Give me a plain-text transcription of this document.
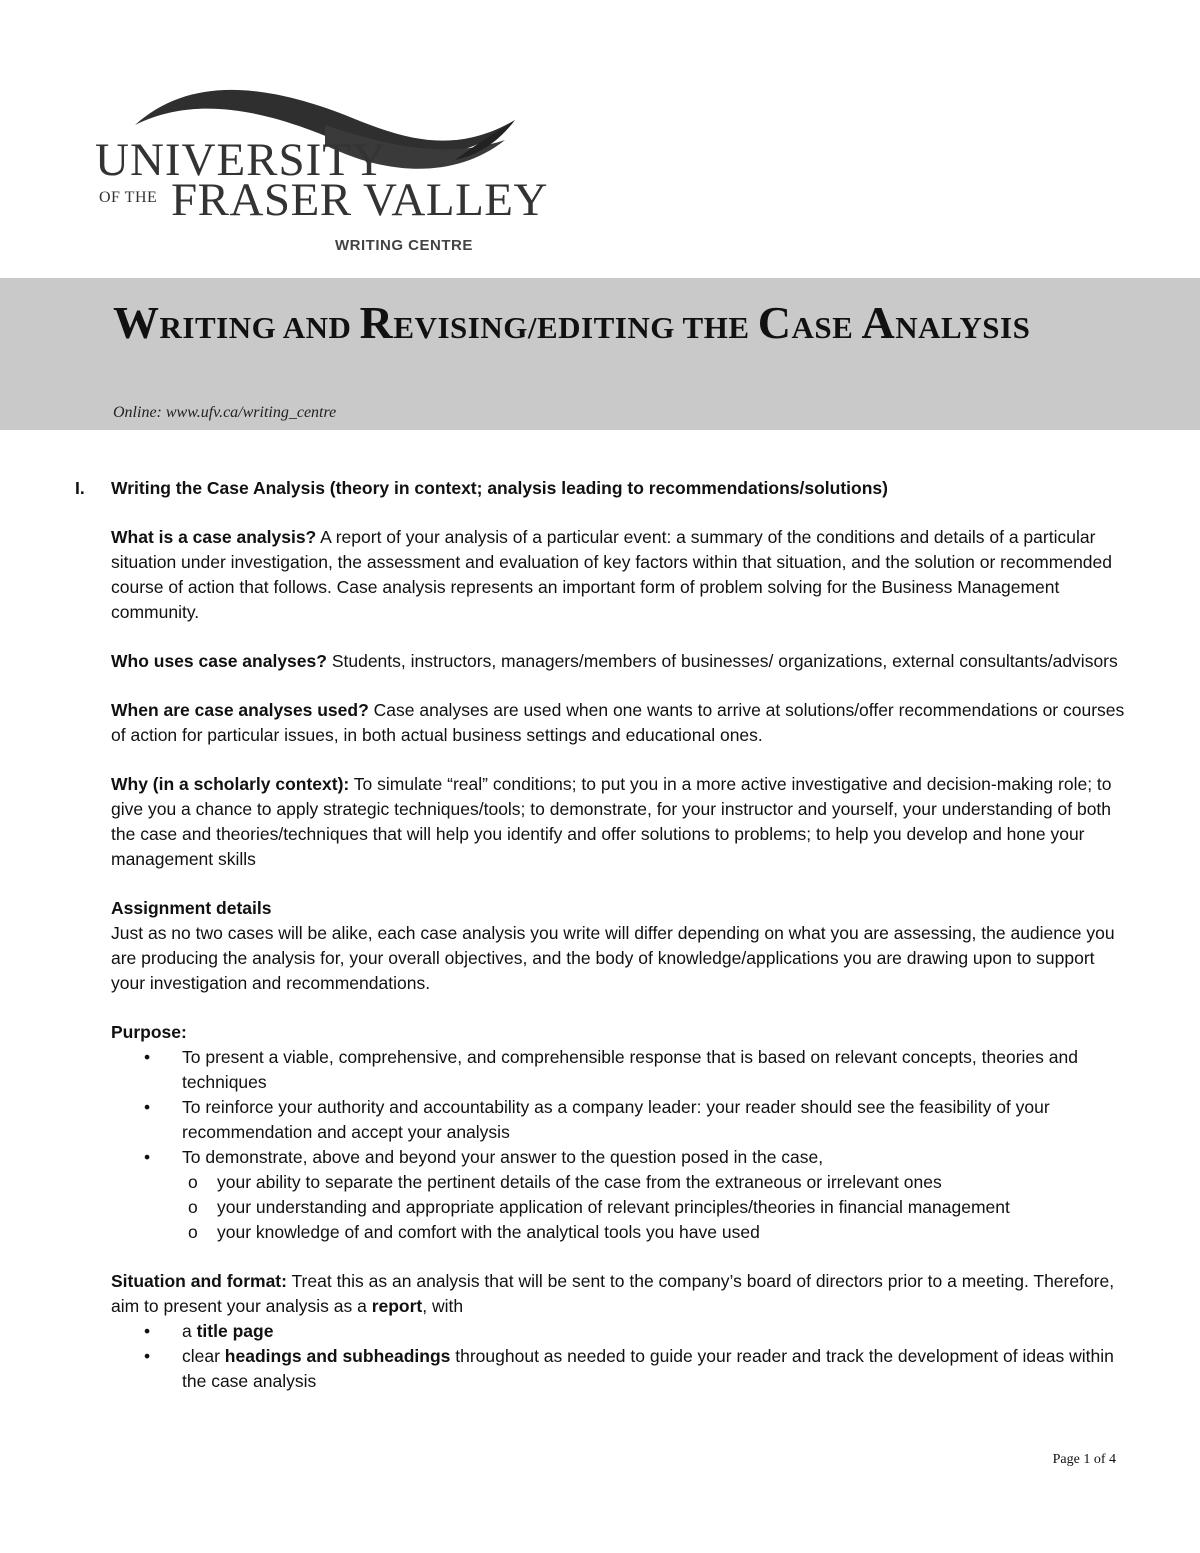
UNIVERSITY
OF THE FRASER VALLEY
WRITING CENTRE
WRITING AND REVISING/EDITING THE CASE ANALYSIS
Online: www.ufv.ca/writing_centre
I. Writing the Case Analysis (theory in context; analysis leading to recommendations/solutions)
What is a case analysis? A report of your analysis of a particular event: a summary of the conditions and details of a particular situation under investigation, the assessment and evaluation of key factors within that situation, and the solution or recommended course of action that follows. Case analysis represents an important form of problem solving for the Business Management community.
Who uses case analyses? Students, instructors, managers/members of businesses/ organizations, external consultants/advisors
When are case analyses used? Case analyses are used when one wants to arrive at solutions/offer recommendations or courses of action for particular issues, in both actual business settings and educational ones.
Why (in a scholarly context): To simulate “real” conditions; to put you in a more active investigative and decision-making role; to give you a chance to apply strategic techniques/tools; to demonstrate, for your instructor and yourself, your understanding of both the case and theories/techniques that will help you identify and offer solutions to problems; to help you develop and hone your management skills
Assignment details
Just as no two cases will be alike, each case analysis you write will differ depending on what you are assessing, the audience you are producing the analysis for, your overall objectives, and the body of knowledge/applications you are drawing upon to support your investigation and recommendations.
Purpose:
• To present a viable, comprehensive, and comprehensible response that is based on relevant concepts, theories and techniques
• To reinforce your authority and accountability as a company leader: your reader should see the feasibility of your recommendation and accept your analysis
• To demonstrate, above and beyond your answer to the question posed in the case,
o your ability to separate the pertinent details of the case from the extraneous or irrelevant ones
o your understanding and appropriate application of relevant principles/theories in financial management
o your knowledge of and comfort with the analytical tools you have used
Situation and format: Treat this as an analysis that will be sent to the company’s board of directors prior to a meeting. Therefore, aim to present your analysis as a report, with
• a title page
• clear headings and subheadings throughout as needed to guide your reader and track the development of ideas within the case analysis
Page 1 of 4
